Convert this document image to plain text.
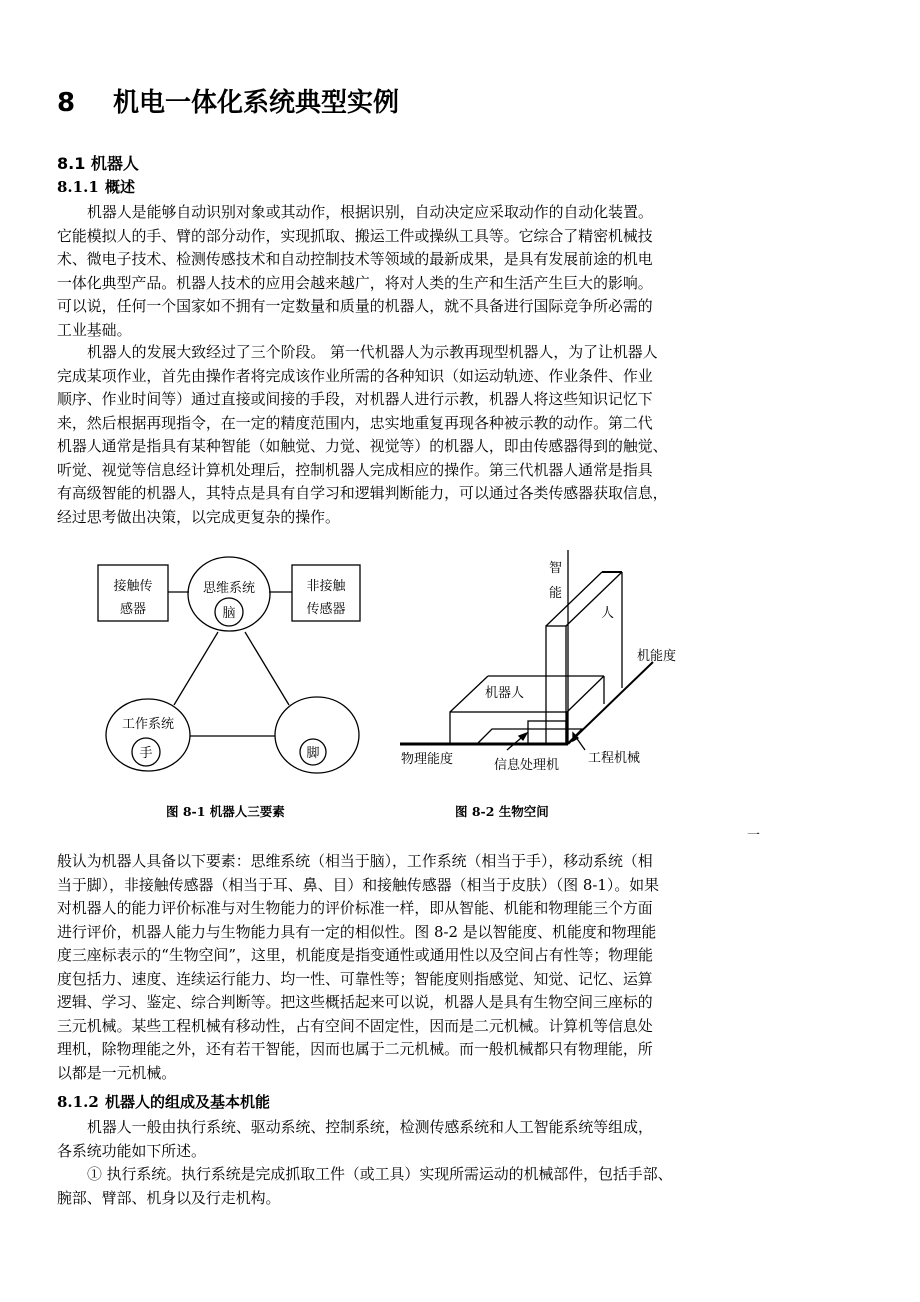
8 机电一体化系统典型实例
8.1 机器人
8.1.1 概述
机器人是能够自动识别对象或其动作，根据识别，自动决定应采取动作的自动化装置。
它能模拟人的手、臂的部分动作，实现抓取、搬运工件或操纵工具等。它综合了精密机械技
术、微电子技术、检测传感技术和自动控制技术等领域的最新成果，是具有发展前途的机电
一体化典型产品。机器人技术的应用会越来越广，将对人类的生产和生活产生巨大的影响。
可以说，任何一个国家如不拥有一定数量和质量的机器人，就不具备进行国际竞争所必需的
工业基础。
机器人的发展大致经过了三个阶段。 第一代机器人为示教再现型机器人，为了让机器人
完成某项作业，首先由操作者将完成该作业所需的各种知识（如运动轨迹、作业条件、作业
顺序、作业时间等）通过直接或间接的手段，对机器人进行示教，机器人将这些知识记忆下
来，然后根据再现指令，在一定的精度范围内，忠实地重复再现各种被示教的动作。第二代
机器人通常是指具有某种智能（如触觉、力觉、视觉等）的机器人，即由传感器得到的触觉、
听觉、视觉等信息经计算机处理后，控制机器人完成相应的操作。第三代机器人通常是指具
有高级智能的机器人，其特点是具有自学习和逻辑判断能力，可以通过各类传感器获取信息，
经过思考做出决策，以完成更复杂的操作。
接触传
感器
思维系统
脑
非接触
传感器
工作系统
手	脚
智
能
人
机能度
机器人
物理能度	信息处理机 工程机械
图 8-1 机器人三要素	图 8-2 生物空间
一
般认为机器人具备以下要素：思维系统（相当于脑），工作系统（相当于手），移动系统（相
当于脚），非接触传感器（相当于耳、鼻、目）和接触传感器（相当于皮肤）（图 8-1）。如果
对机器人的能力评价标准与对生物能力的评价标准一样，即从智能、机能和物理能三个方面
进行评价，机器人能力与生物能力具有一定的相似性。图 8-2 是以智能度、机能度和物理能
度三座标表示的“生物空间”，这里，机能度是指变通性或通用性以及空间占有性等；物理能
度包括力、速度、连续运行能力、均一性、可靠性等；智能度则指感觉、知觉、记忆、运算
逻辑、学习、鉴定、综合判断等。把这些概括起来可以说，机器人是具有生物空间三座标的
三元机械。某些工程机械有移动性，占有空间不固定性，因而是二元机械。计算机等信息处
理机，除物理能之外，还有若干智能，因而也属于二元机械。而一般机械都只有物理能，所
以都是一元机械。
8.1.2 机器人的组成及基本机能
机器人一般由执行系统、驱动系统、控制系统，检测传感系统和人工智能系统等组成，
各系统功能如下所述。
① 执行系统。执行系统是完成抓取工件（或工具）实现所需运动的机械部件，包括手部、
腕部、臂部、机身以及行走机构。
